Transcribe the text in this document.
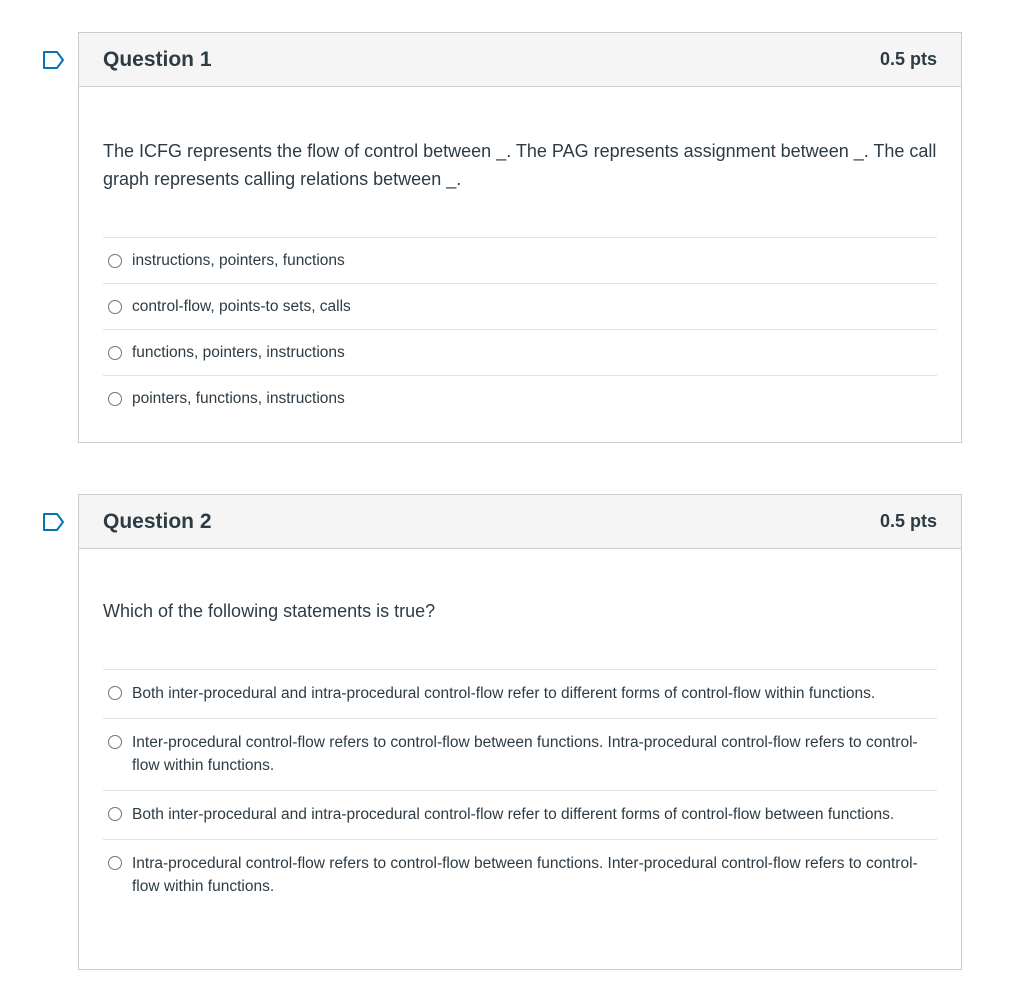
Question 1	0.5 pts
The ICFG represents the flow of control between _. The PAG represents assignment between _. The call graph represents calling relations between _.
instructions, pointers, functions
control-flow, points-to sets, calls
functions, pointers, instructions
pointers, functions, instructions
Question 2	0.5 pts
Which of the following statements is true?
Both inter-procedural and intra-procedural control-flow refer to different forms of control-flow within functions.
Inter-procedural control-flow refers to control-flow between functions. Intra-procedural control-flow refers to control-flow within functions.
Both inter-procedural and intra-procedural control-flow refer to different forms of control-flow between functions.
Intra-procedural control-flow refers to control-flow between functions. Inter-procedural control-flow refers to control-flow within functions.
